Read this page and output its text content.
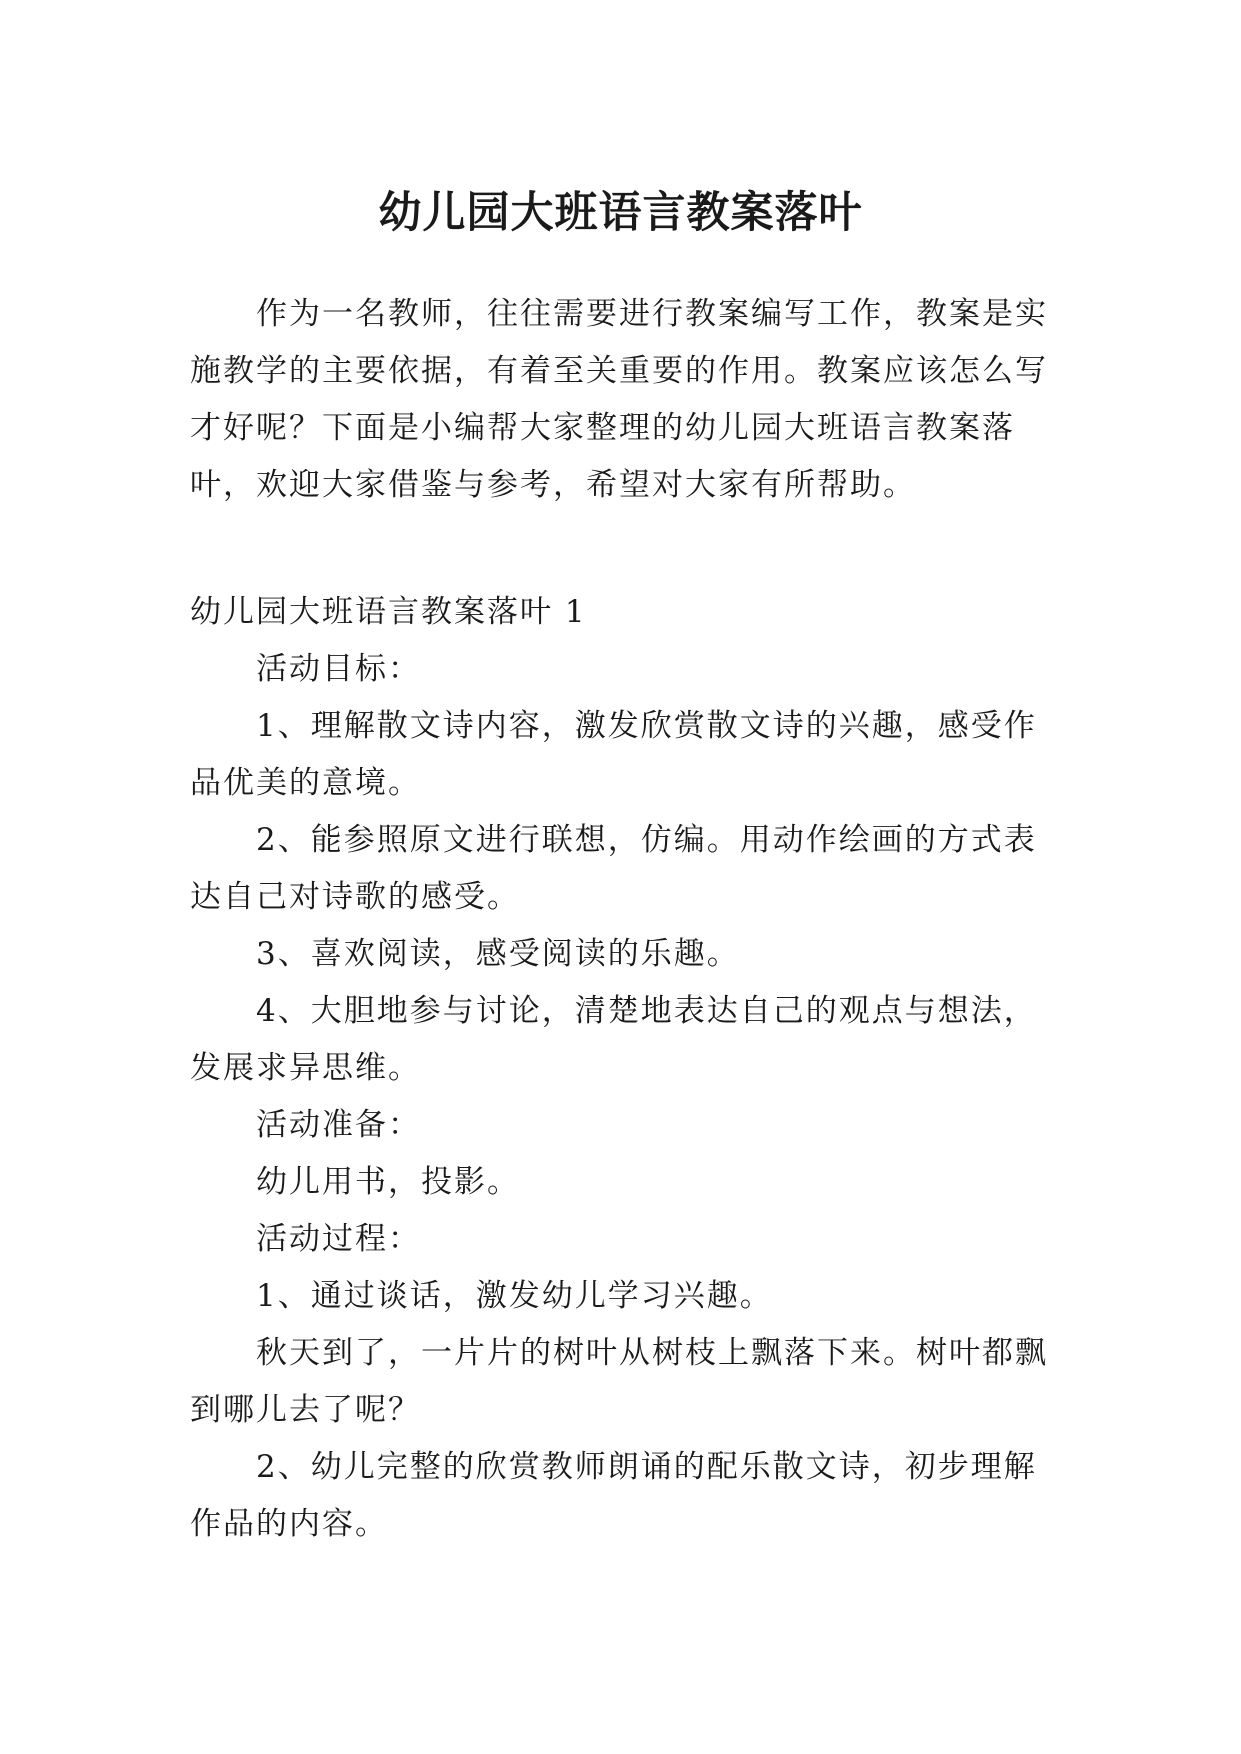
幼儿园大班语言教案落叶

作为一名教师，往往需要进行教案编写工作，教案是实施教学的主要依据，有着至关重要的作用。教案应该怎么写才好呢？下面是小编帮大家整理的幼儿园大班语言教案落叶，欢迎大家借鉴与参考，希望对大家有所帮助。

幼儿园大班语言教案落叶 1

活动目标：

1、理解散文诗内容，激发欣赏散文诗的兴趣，感受作品优美的意境。

2、能参照原文进行联想，仿编。用动作绘画的方式表达自己对诗歌的感受。

3、喜欢阅读，感受阅读的乐趣。

4、大胆地参与讨论，清楚地表达自己的观点与想法，发展求异思维。

活动准备：

幼儿用书，投影。

活动过程：

1、通过谈话，激发幼儿学习兴趣。

秋天到了，一片片的树叶从树枝上飘落下来。树叶都飘到哪儿去了呢？

2、幼儿完整的欣赏教师朗诵的配乐散文诗，初步理解作品的内容。
